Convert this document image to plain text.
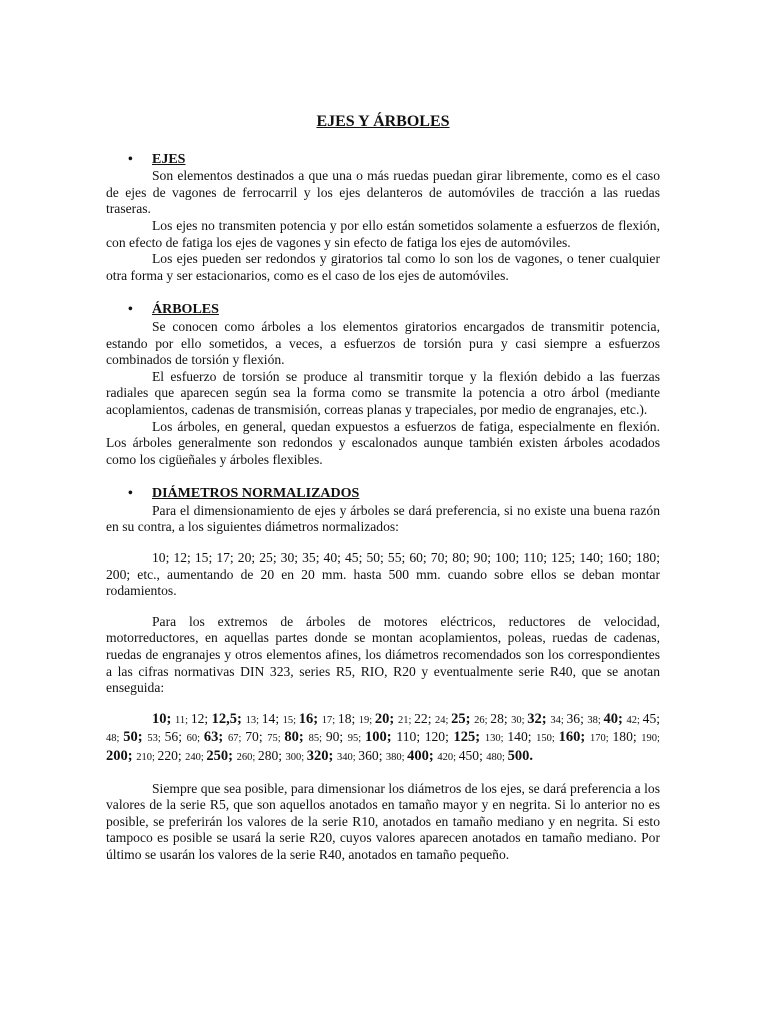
EJES Y ÁRBOLES
•	EJES

Son elementos destinados a que una o más ruedas puedan girar libremente, como es el caso de ejes de vagones de ferrocarril y los ejes delanteros de automóviles de tracción a las ruedas traseras.

Los ejes no transmiten potencia y por ello están sometidos solamente a esfuerzos de flexión, con efecto de fatiga los ejes de vagones y sin efecto de fatiga los ejes de automóviles.

Los ejes pueden ser redondos y giratorios tal como lo son los de vagones, o tener cualquier otra forma y ser estacionarios, como es el caso de los ejes de automóviles.

•	ÁRBOLES

Se conocen como árboles a los elementos giratorios encargados de transmitir potencia, estando por ello sometidos, a veces, a esfuerzos de torsión pura y casi siempre a esfuerzos combinados de torsión y flexión.

El esfuerzo de torsión se produce al transmitir torque y la flexión debido a las fuerzas radiales que aparecen según sea la forma como se transmite la potencia a otro árbol (mediante acoplamientos, cadenas de transmisión, correas planas y trapeciales, por medio de engranajes, etc.).

Los árboles, en general, quedan expuestos a esfuerzos de fatiga, especialmente en flexión. Los árboles generalmente son redondos y escalonados aunque también existen árboles acodados como los cigüeñales y árboles flexibles.

•	DIÁMETROS NORMALIZADOS

Para el dimensionamiento de ejes y árboles se dará preferencia, si no existe una buena razón en su contra, a los siguientes diámetros normalizados:

10; 12; 15; 17; 20; 25; 30; 35; 40; 45; 50; 55; 60; 70; 80; 90; 100; 110; 125; 140; 160; 180; 200; etc., aumentando de 20 en 20 mm. hasta 500 mm. cuando sobre ellos se deban montar rodamientos.

Para los extremos de árboles de motores eléctricos, reductores de velocidad, motorreductores, en aquellas partes donde se montan acoplamientos, poleas, ruedas de cadenas, ruedas de engranajes y otros elementos afines, los diámetros recomendados son los correspondientes a las cifras normativas DIN 323, series R5, RIO, R20 y eventualmente serie R40, que se anotan enseguida:

10; 11; 12; 12,5; 13; 14; 15; 16; 17; 18; 19; 20; 21; 22; 24; 25; 26; 28; 30; 32; 34; 36; 38; 40; 42; 45; 48; 50; 53; 56; 60; 63; 67; 70; 75; 80; 85; 90; 95; 100; 110; 120; 125; 130; 140; 150; 160; 170; 180; 190; 200; 210; 220; 240; 250; 260; 280; 300; 320; 340; 360; 380; 400; 420; 450; 480; 500.

Siempre que sea posible, para dimensionar los diámetros de los ejes, se dará preferencia a los valores de la serie R5, que son aquellos anotados en tamaño mayor y en negrita. Si lo anterior no es posible, se preferirán los valores de la serie R10, anotados en tamaño mediano y en negrita. Si esto tampoco es posible se usará la serie R20, cuyos valores aparecen anotados en tamaño mediano. Por último se usarán los valores de la serie R40, anotados en tamaño pequeño.
